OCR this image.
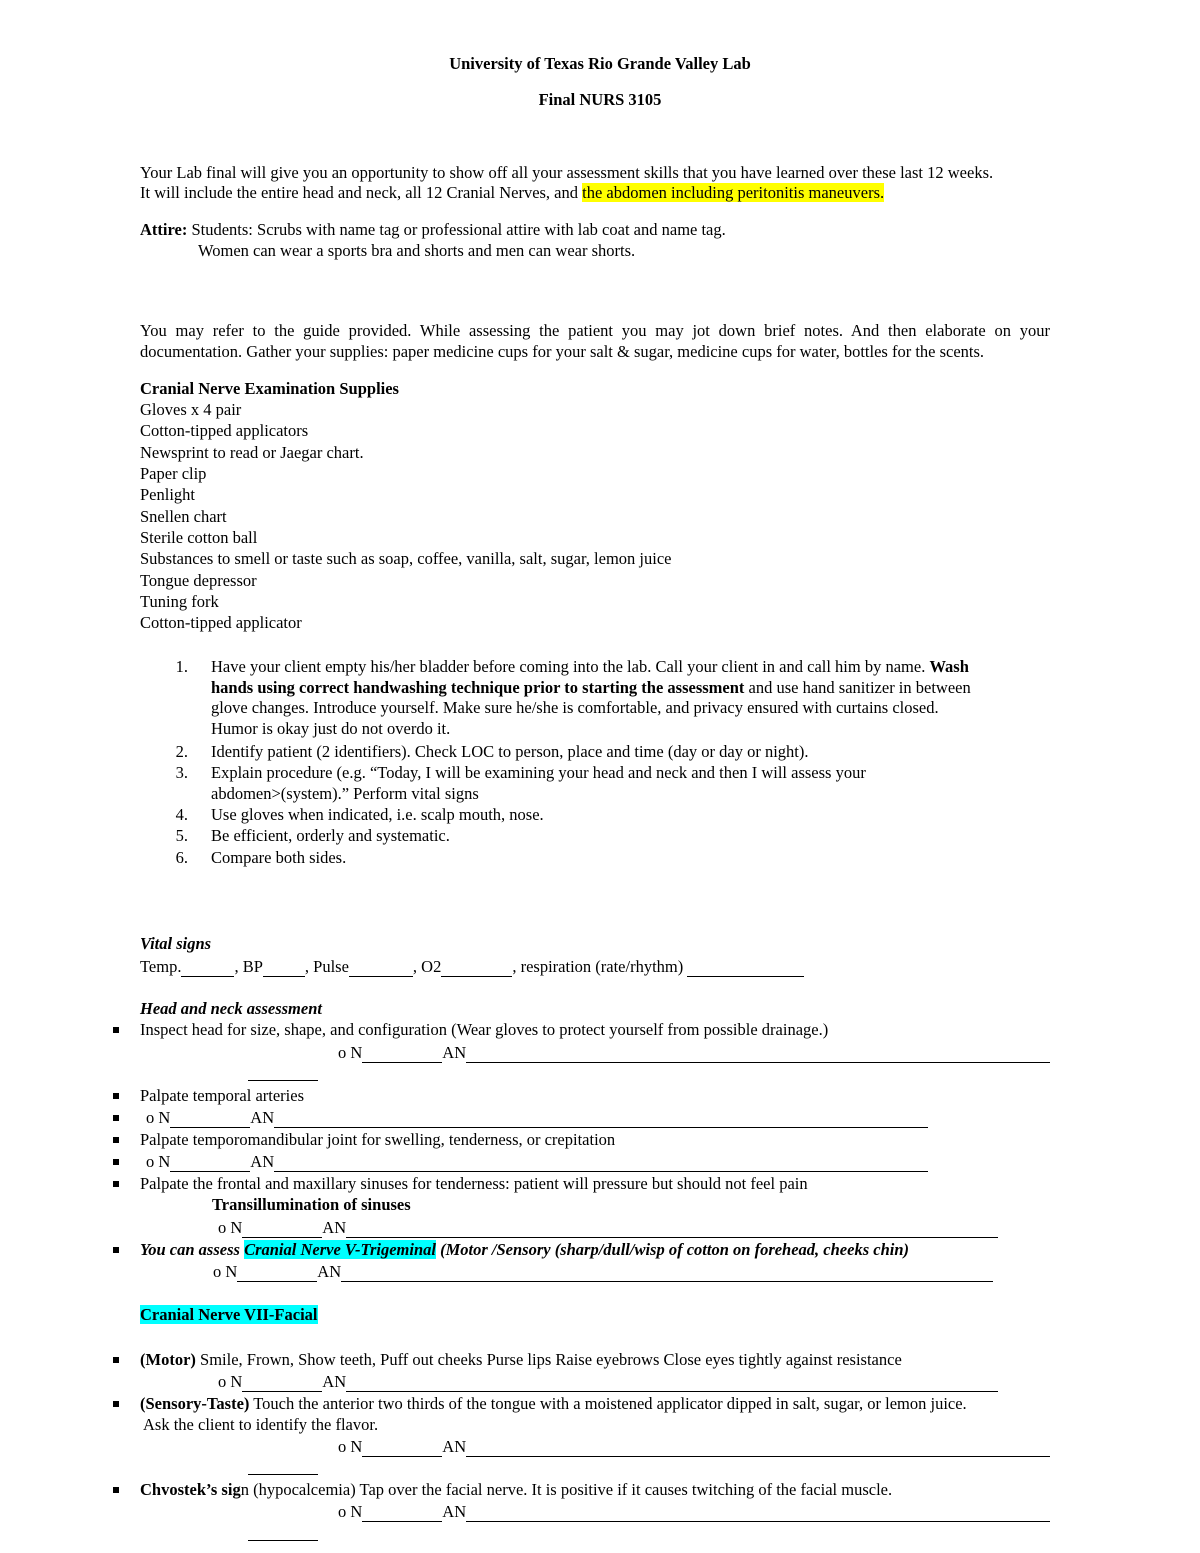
University of Texas Rio Grande Valley Lab
Final NURS 3105
Your Lab final will give you an opportunity to show off all your assessment skills that you have learned over these last 12 weeks.
It will include the entire head and neck, all 12 Cranial Nerves, and the abdomen including peritonitis maneuvers.
Attire: Students: Scrubs with name tag or professional attire with lab coat and name tag.
Women can wear a sports bra and shorts and men can wear shorts.
You may refer to the guide provided. While assessing the patient you may jot down brief notes. And then elaborate on your
documentation. Gather your supplies: paper medicine cups for your salt & sugar, medicine cups for water, bottles for the scents.
Cranial Nerve Examination Supplies
Gloves x 4 pair
Cotton-tipped applicators
Newsprint to read or Jaegar chart.
Paper clip
Penlight
Snellen chart
Sterile cotton ball
Substances to smell or taste such as soap, coffee, vanilla, salt, sugar, lemon juice
Tongue depressor
Tuning fork
Cotton-tipped applicator
1. Have your client empty his/her bladder before coming into the lab. Call your client in and call him by name. Wash
hands using correct handwashing technique prior to starting the assessment and use hand sanitizer in between
glove changes. Introduce yourself. Make sure he/she is comfortable, and privacy ensured with curtains closed.
Humor is okay just do not overdo it.
2. Identify patient (2 identifiers). Check LOC to person, place and time (day or day or night).
3. Explain procedure (e.g. “Today, I will be examining your head and neck and then I will assess your
abdomen>(system).” Perform vital signs
4. Use gloves when indicated, i.e. scalp mouth, nose.
5. Be efficient, orderly and systematic.
6. Compare both sides.
Vital signs
Temp.	, BP	, Pulse	, O2	, respiration (rate/rhythm)
Head and neck assessment
Inspect head for size, shape, and configuration (Wear gloves to protect yourself from possible drainage.)
o N	AN
Palpate temporal arteries
o N	AN
Palpate temporomandibular joint for swelling, tenderness, or crepitation
o N	AN
Palpate the frontal and maxillary sinuses for tenderness: patient will pressure but should not feel pain
Transillumination of sinuses
o N	AN
You can assess Cranial Nerve V-Trigeminal (Motor /Sensory (sharp/dull/wisp of cotton on forehead, cheeks chin)
o N	AN
Cranial Nerve VII-Facial
(Motor) Smile, Frown, Show teeth, Puff out cheeks Purse lips Raise eyebrows Close eyes tightly against resistance
o N	AN
(Sensory-Taste) Touch the anterior two thirds of the tongue with a moistened applicator dipped in salt, sugar, or lemon juice.
Ask the client to identify the flavor.
o N	AN
Chvostek’s sign (hypocalcemia) Tap over the facial nerve. It is positive if it causes twitching of the facial muscle.
o N	AN
